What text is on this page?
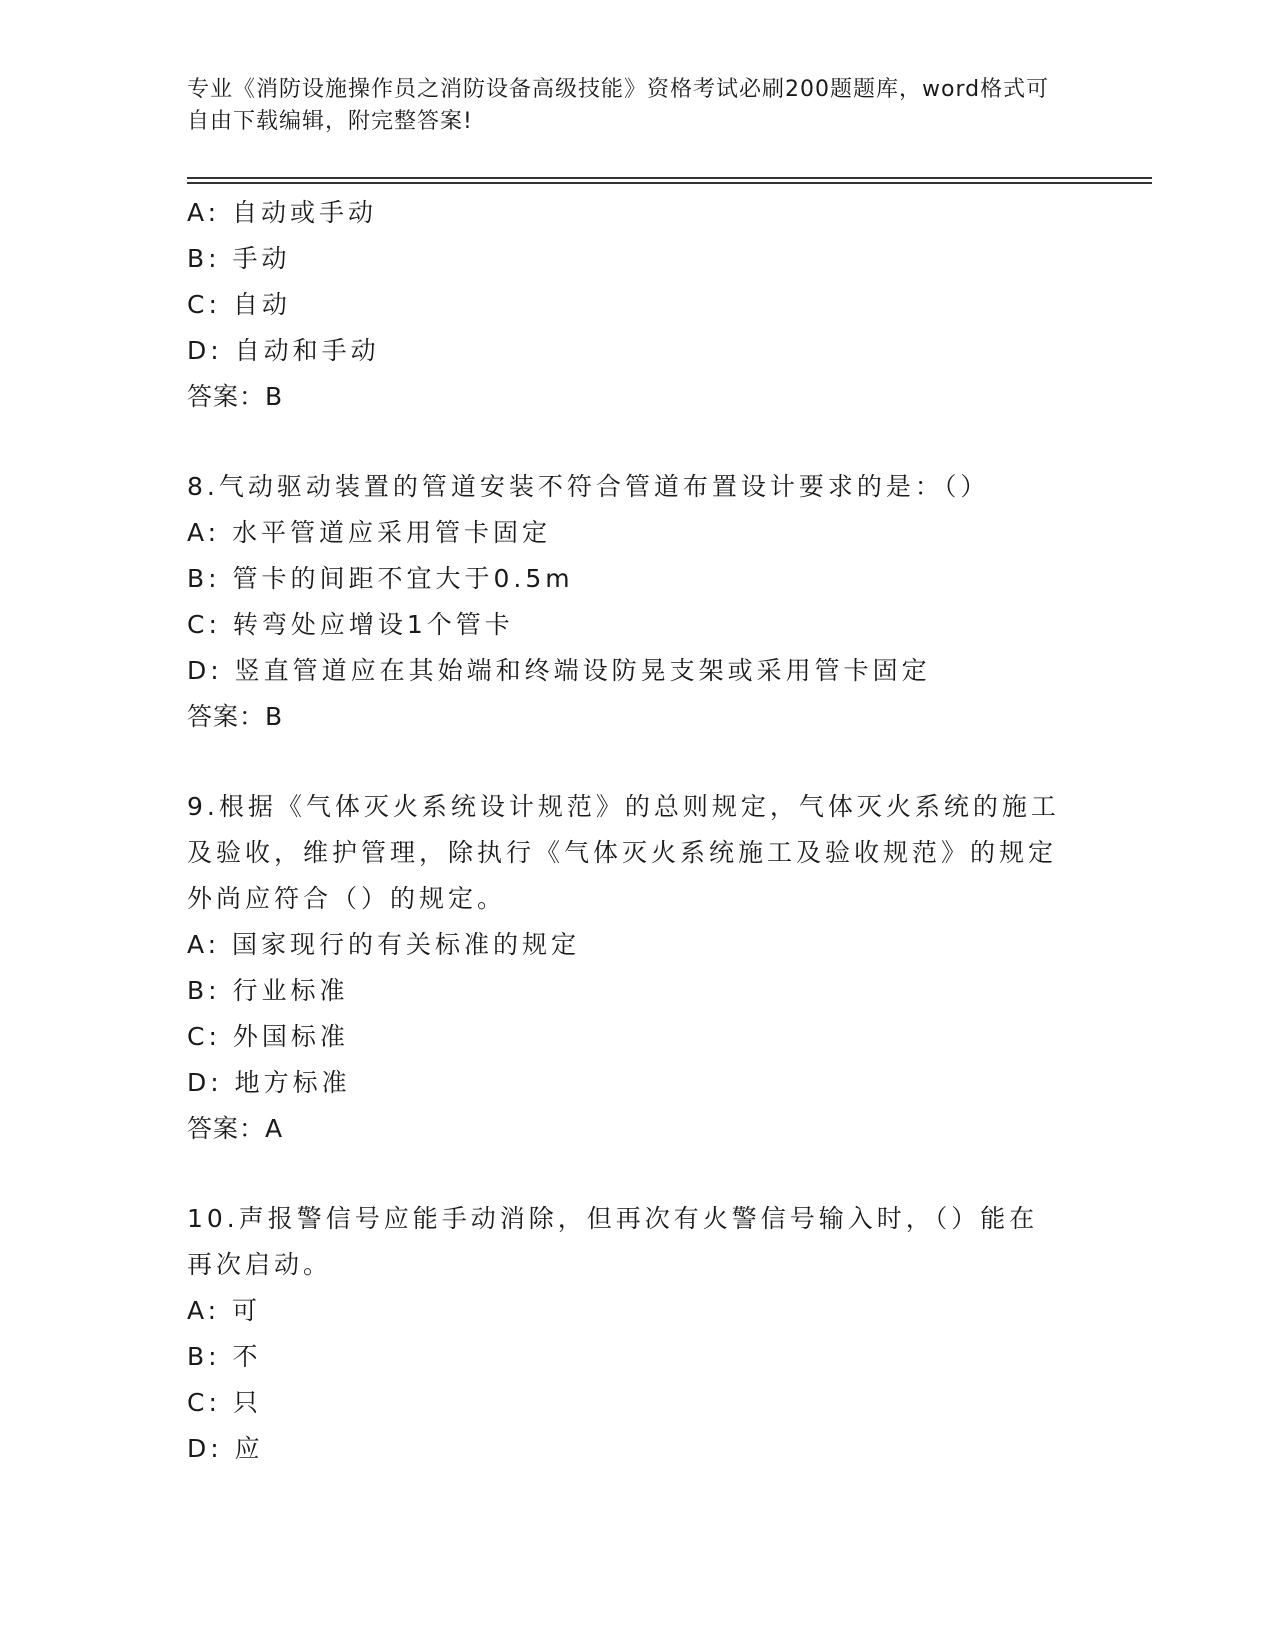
专业《消防设施操作员之消防设备高级技能》资格考试必刷200题题库，word格式可自由下载编辑，附完整答案!

A: 自动或手动

B: 手动

C: 自动

D: 自动和手动

答案：B

8.气动驱动装置的管道安装不符合管道布置设计要求的是：（）

A: 水平管道应采用管卡固定

B: 管卡的间距不宜大于0.5m

C: 转弯处应增设1个管卡

D: 竖直管道应在其始端和终端设防晃支架或采用管卡固定

答案：B

9.根据《气体灭火系统设计规范》的总则规定，气体灭火系统的施工及验收，维护管理，除执行《气体灭火系统施工及验收规范》的规定外尚应符合（）的规定。

A: 国家现行的有关标准的规定

B: 行业标准

C: 外国标准

D: 地方标准

答案：A

10.声报警信号应能手动消除，但再次有火警信号输入时，（）能在再次启动。

A: 可

B: 不

C: 只

D: 应
